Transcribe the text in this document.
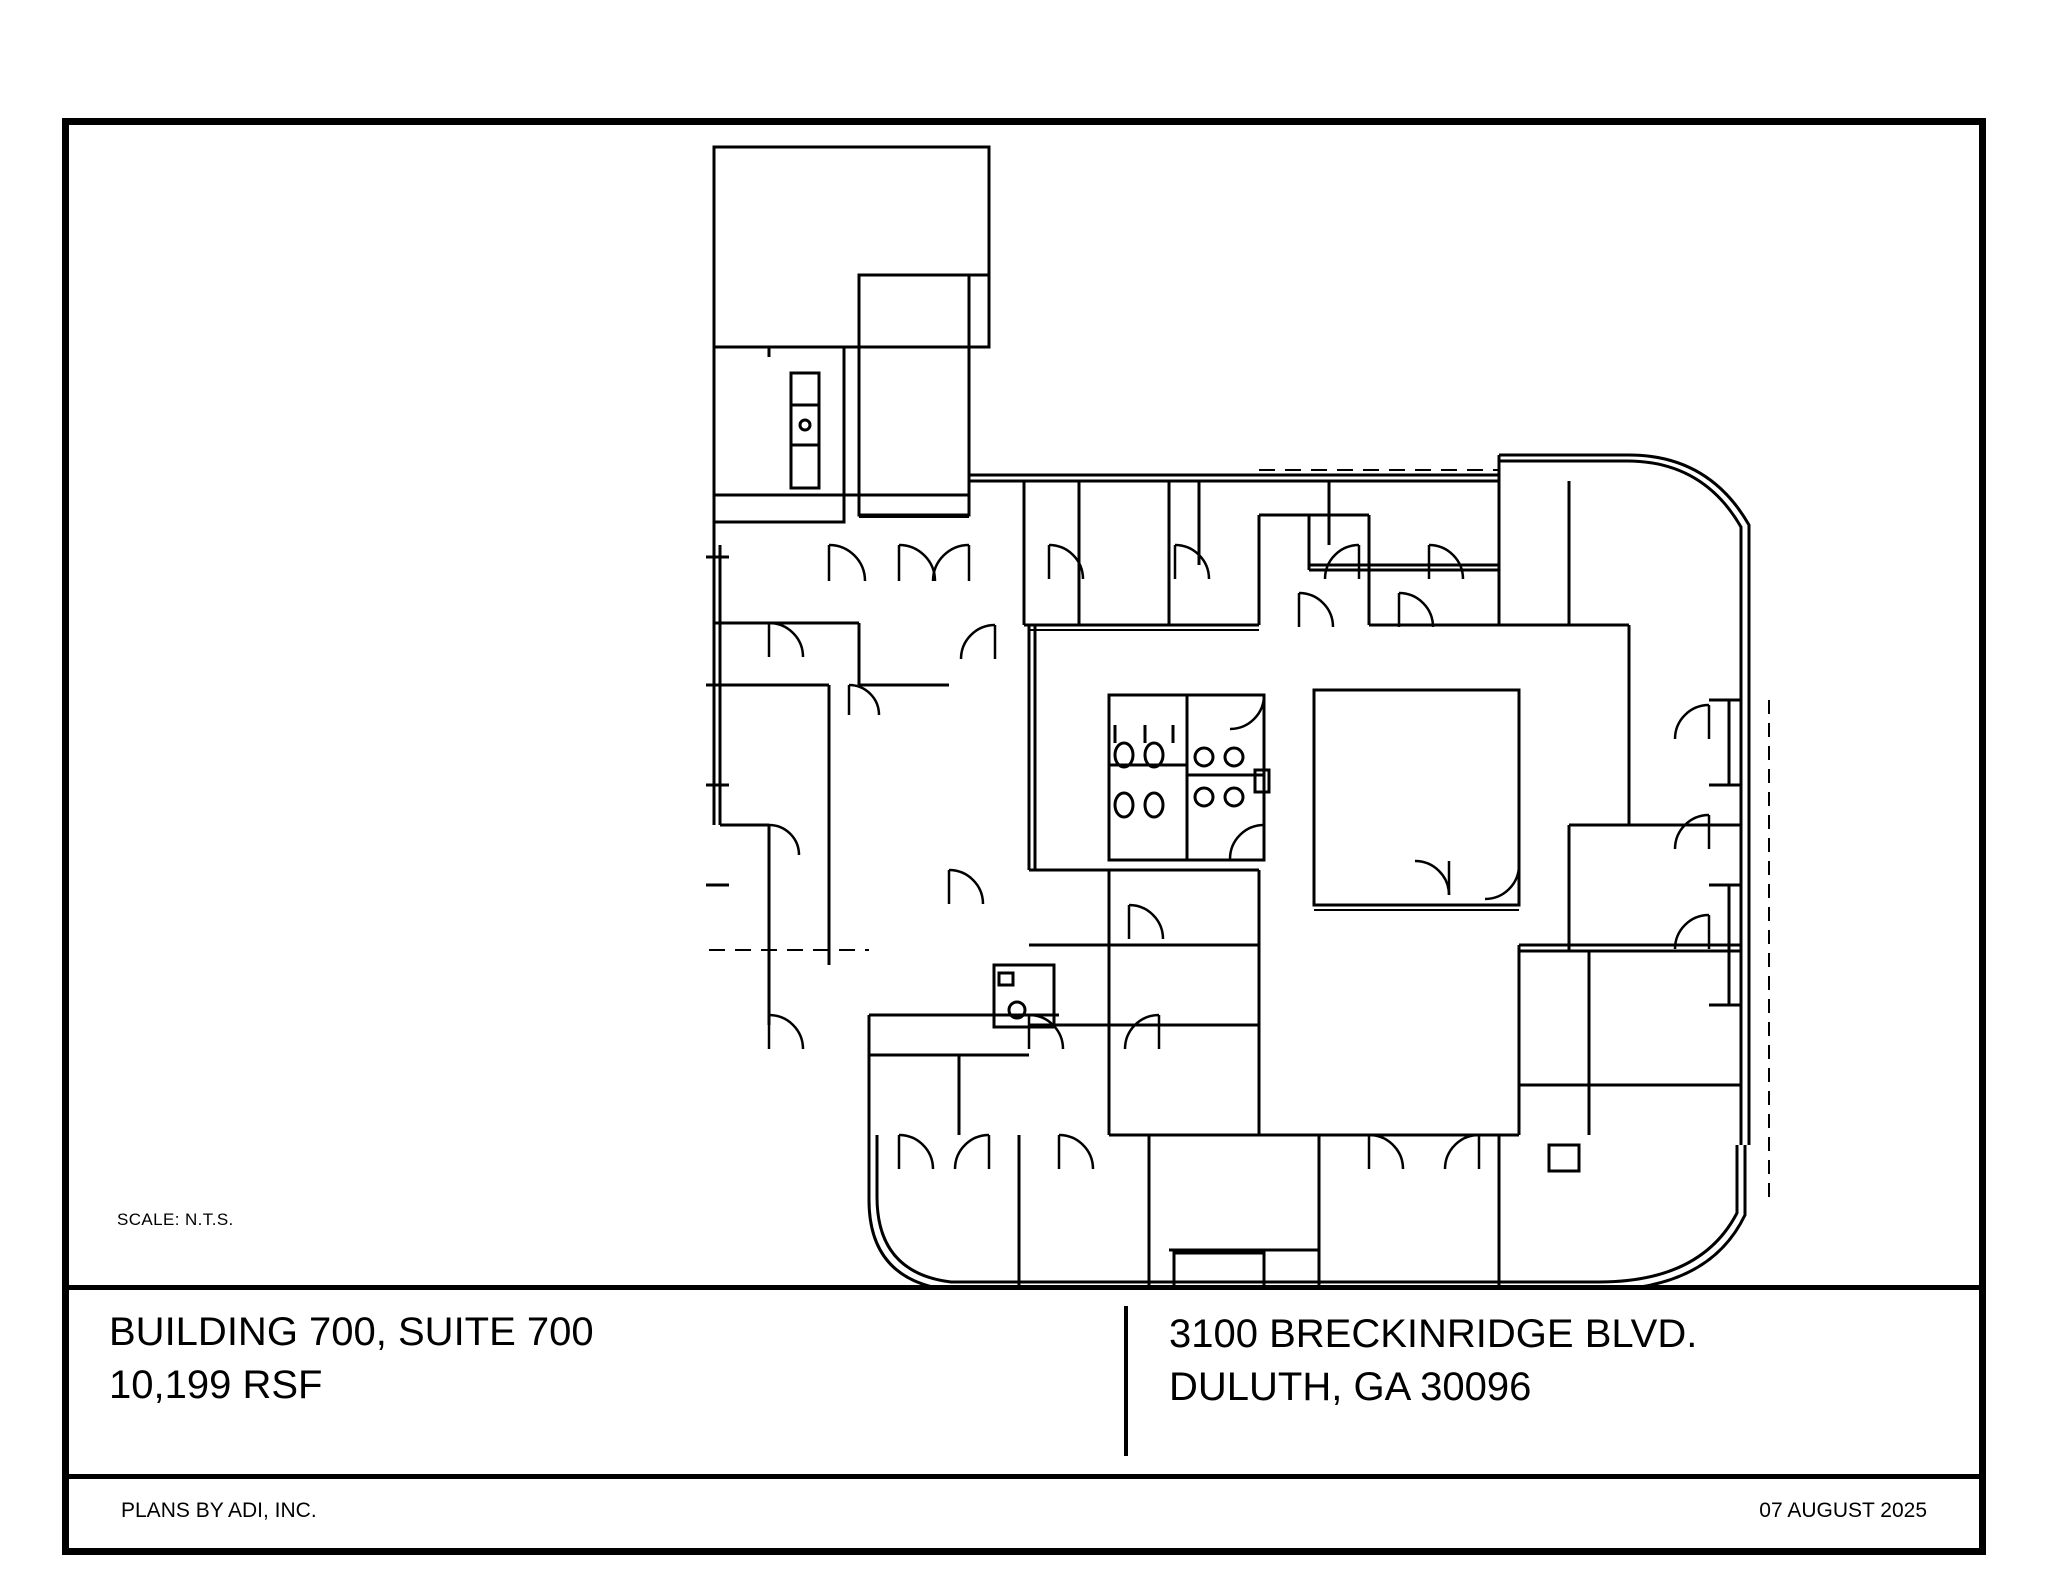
SCALE: N.T.S.
BUILDING 700, SUITE 700
10,199 RSF
3100 BRECKINRIDGE BLVD.
DULUTH, GA 30096
PLANS BY ADI, INC.	07 AUGUST 2025
